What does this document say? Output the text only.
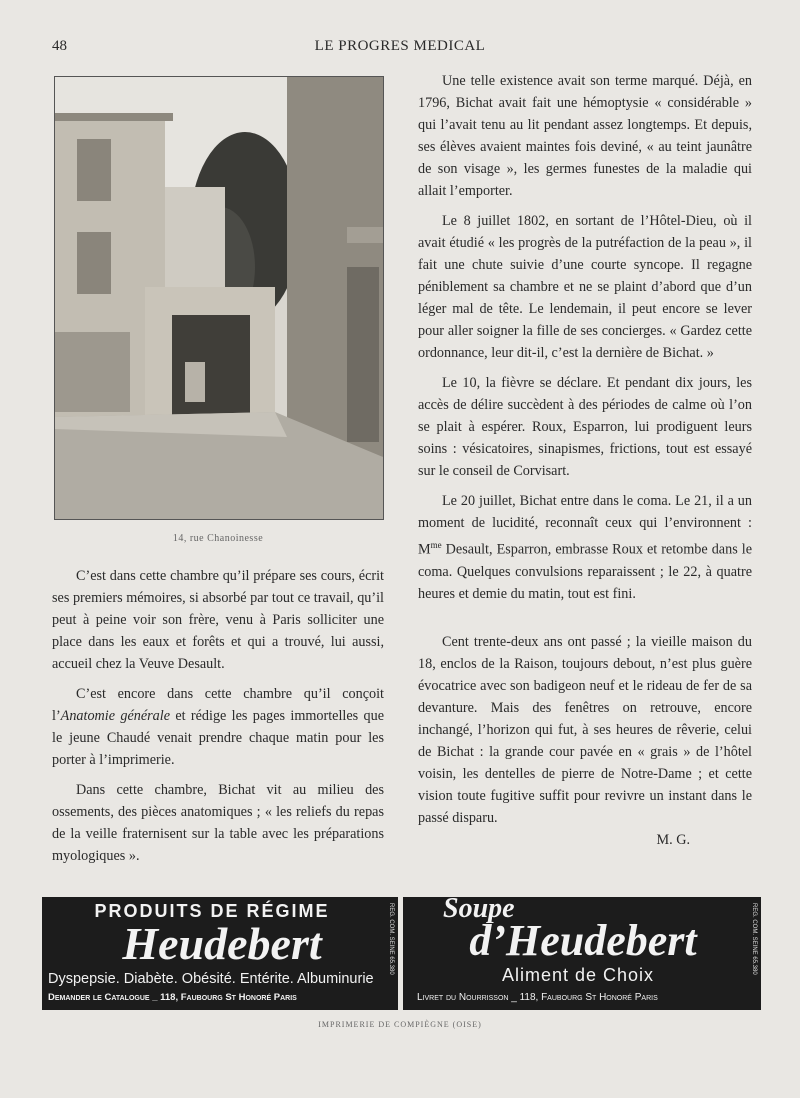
48	LE PROGRES MEDICAL
14, rue Chanoinesse

C’est dans cette chambre qu’il prépare ses cours, écrit ses premiers mémoires, si absorbé par tout ce travail, qu’il peut à peine voir son frère, venu à Paris solliciter une place dans les eaux et forêts et qui a trouvé, lui aussi, accueil chez la Veuve Desault.

C’est encore dans cette chambre qu’il conçoit l’Anatomie générale et rédige les pages immortelles que le jeune Chaudé venait prendre chaque matin pour les porter à l’imprimerie.

Dans cette chambre, Bichat vit au milieu des ossements, des pièces anatomiques ; « les reliefs du repas de la veille fraternisent sur la table avec les préparations myologiques ».

Une telle existence avait son terme marqué. Déjà, en 1796, Bichat avait fait une hémoptysie « considérable » qui l’avait tenu au lit pendant assez longtemps. Et depuis, ses élèves avaient maintes fois deviné, « au teint jaunâtre de son visage », les germes funestes de la maladie qui allait l’emporter.

Le 8 juillet 1802, en sortant de l’Hôtel-Dieu, où il avait étudié « les progrès de la putréfaction de la peau », il fait une chute suivie d’une courte syncope. Il regagne péniblement sa chambre et ne se plaint d’abord que d’un léger mal de tête. Le lendemain, il peut encore se lever pour aller soigner la fille de ses concierges. « Gardez cette ordonnance, leur dit-il, c’est la dernière de Bichat. »

Le 10, la fièvre se déclare. Et pendant dix jours, les accès de délire succèdent à des périodes de calme où l’on se plait à espérer. Roux, Esparron, lui prodiguent leurs soins : vésicatoires, sinapismes, frictions, tout est essayé sur le conseil de Corvisart.

Le 20 juillet, Bichat entre dans le coma. Le 21, il a un moment de lucidité, reconnaît ceux qui l’environnent : $M^{me}$ Desault, Esparron, embrasse Roux et retombe dans le coma. Quelques convulsions reparaissent ; le 22, à quatre heures et demie du matin, tout est fini.

Cent trente-deux ans ont passé ; la vieille maison du 18, enclos de la Raison, toujours debout, n’est plus guère évocatrice avec son badigeon neuf et le rideau de fer de sa devanture. Mais des fenêtres on retrouve, encore inchangé, l’horizon qui fut, à ses heures de rêverie, celui de Bichat : la grande cour pavée en « grais » de l’hôtel voisin, les dentelles de pierre de Notre-Dame ; et cette vision toute fugitive suffit pour revivre un instant dans le passé disparu.

M. G.

PRODUITS DE RÉGIME
Heudebert
Dyspepsie. Diabète. Obésité. Entérite. Albuminurie
Demander le Catalogue _ 118, Faubourg St Honoré Paris
REG. COM. SEINE 65.380 Soupe
d’Heudebert
Aliment de Choix
Livret du Nourrisson _ 118, Faubourg St Honoré Paris
REG. COM. SEINE 65.380
IMPRIMERIE DE COMPIÈGNE (OISE)
